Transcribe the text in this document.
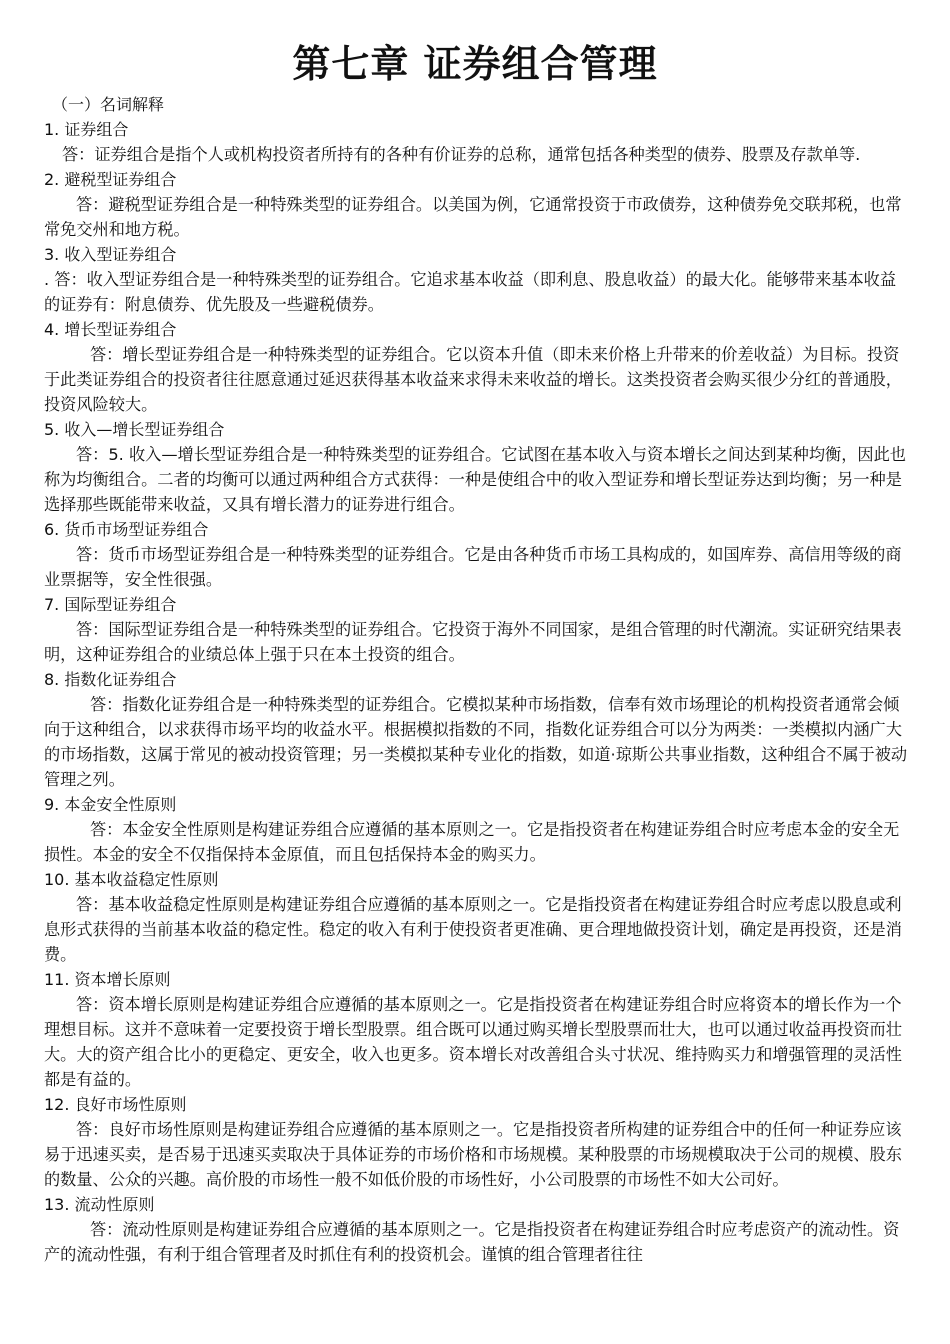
第七章 证券组合管理
（一）名词解释

1. 证券组合

答：证券组合是指个人或机构投资者所持有的各种有价证券的总称，通常包括各种类型的债券、股票及存款单等.

2. 避税型证券组合

答：避税型证券组合是一种特殊类型的证券组合。以美国为例，它通常投资于市政债券，这种债券免交联邦税，也常常免交州和地方税。

3. 收入型证券组合

. 答：收入型证券组合是一种特殊类型的证券组合。它追求基本收益（即利息、股息收益）的最大化。能够带来基本收益的证券有：附息债券、优先股及一些避税债券。

4. 增长型证券组合

答：增长型证券组合是一种特殊类型的证券组合。它以资本升值（即未来价格上升带来的价差收益）为目标。投资于此类证券组合的投资者往往愿意通过延迟获得基本收益来求得未来收益的增长。这类投资者会购买很少分红的普通股，投资风险较大。

5. 收入—增长型证券组合

答：5. 收入—增长型证券组合是一种特殊类型的证券组合。它试图在基本收入与资本增长之间达到某种均衡，因此也称为均衡组合。二者的均衡可以通过两种组合方式获得：一种是使组合中的收入型证券和增长型证券达到均衡；另一种是选择那些既能带来收益，又具有增长潜力的证券进行组合。

6. 货币市场型证券组合

答：货币市场型证券组合是一种特殊类型的证券组合。它是由各种货币市场工具构成的，如国库券、高信用等级的商业票据等，安全性很强。

7. 国际型证券组合

答：国际型证券组合是一种特殊类型的证券组合。它投资于海外不同国家，是组合管理的时代潮流。实证研究结果表明，这种证券组合的业绩总体上强于只在本土投资的组合。

8. 指数化证券组合

答：指数化证券组合是一种特殊类型的证券组合。它模拟某种市场指数，信奉有效市场理论的机构投资者通常会倾向于这种组合，以求获得市场平均的收益水平。根据模拟指数的不同，指数化证券组合可以分为两类：一类模拟内涵广大的市场指数，这属于常见的被动投资管理；另一类模拟某种专业化的指数，如道·琼斯公共事业指数，这种组合不属于被动管理之列。

9. 本金安全性原则

答：本金安全性原则是构建证券组合应遵循的基本原则之一。它是指投资者在构建证券组合时应考虑本金的安全无损性。本金的安全不仅指保持本金原值，而且包括保持本金的购买力。

10. 基本收益稳定性原则

答：基本收益稳定性原则是构建证券组合应遵循的基本原则之一。它是指投资者在构建证券组合时应考虑以股息或利息形式获得的当前基本收益的稳定性。稳定的收入有利于使投资者更准确、更合理地做投资计划，确定是再投资，还是消费。

11. 资本增长原则

答：资本增长原则是构建证券组合应遵循的基本原则之一。它是指投资者在构建证券组合时应将资本的增长作为一个理想目标。这并不意味着一定要投资于增长型股票。组合既可以通过购买增长型股票而壮大，也可以通过收益再投资而壮大。大的资产组合比小的更稳定、更安全，收入也更多。资本增长对改善组合头寸状况、维持购买力和增强管理的灵活性都是有益的。

12. 良好市场性原则

答：良好市场性原则是构建证券组合应遵循的基本原则之一。它是指投资者所构建的证券组合中的任何一种证券应该易于迅速买卖，是否易于迅速买卖取决于具体证券的市场价格和市场规模。某种股票的市场规模取决于公司的规模、股东的数量、公众的兴趣。高价股的市场性一般不如低价股的市场性好，小公司股票的市场性不如大公司好。

13. 流动性原则

答：流动性原则是构建证券组合应遵循的基本原则之一。它是指投资者在构建证券组合时应考虑资产的流动性。资产的流动性强，有利于组合管理者及时抓住有利的投资机会。谨慎的组合管理者往往
